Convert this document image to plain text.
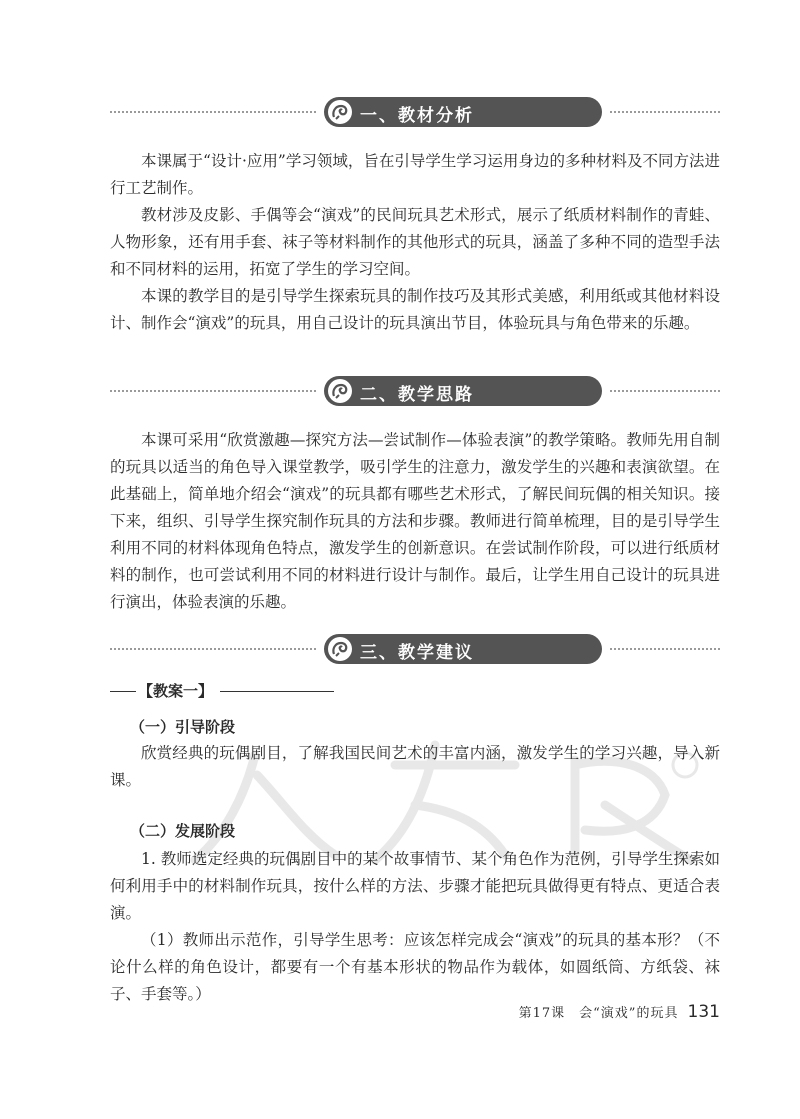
一、教材分析

本课属于“设计·应用”学习领域，旨在引导学生学习运用身边的多种材料及不同方法进行工艺制作。

教材涉及皮影、手偶等会“演戏”的民间玩具艺术形式，展示了纸质材料制作的青蛙、人物形象，还有用手套、袜子等材料制作的其他形式的玩具，涵盖了多种不同的造型手法和不同材料的运用，拓宽了学生的学习空间。

本课的教学目的是引导学生探索玩具的制作技巧及其形式美感，利用纸或其他材料设计、制作会“演戏”的玩具，用自己设计的玩具演出节目，体验玩具与角色带来的乐趣。

二、教学思路

本课可采用“欣赏激趣—探究方法—尝试制作—体验表演”的教学策略。教师先用自制的玩具以适当的角色导入课堂教学，吸引学生的注意力，激发学生的兴趣和表演欲望。在此基础上，简单地介绍会“演戏”的玩具都有哪些艺术形式，了解民间玩偶的相关知识。接下来，组织、引导学生探究制作玩具的方法和步骤。教师进行简单梳理，目的是引导学生利用不同的材料体现角色特点，激发学生的创新意识。在尝试制作阶段，可以进行纸质材料的制作，也可尝试利用不同的材料进行设计与制作。最后，让学生用自己设计的玩具进行演出，体验表演的乐趣。

三、教学建议
【教案一】
（一）引导阶段

欣赏经典的玩偶剧目，了解我国民间艺术的丰富内涵，激发学生的学习兴趣，导入新课。

（二）发展阶段

1. 教师选定经典的玩偶剧目中的某个故事情节、某个角色作为范例，引导学生探索如何利用手中的材料制作玩具，按什么样的方法、步骤才能把玩具做得更有特点、更适合表演。

（1）教师出示范作，引导学生思考：应该怎样完成会“演戏”的玩具的基本形？（不论什么样的角色设计，都要有一个有基本形状的物品作为载体，如圆纸筒、方纸袋、袜子、手套等。）

第17课　会“演戏”的玩具 131
